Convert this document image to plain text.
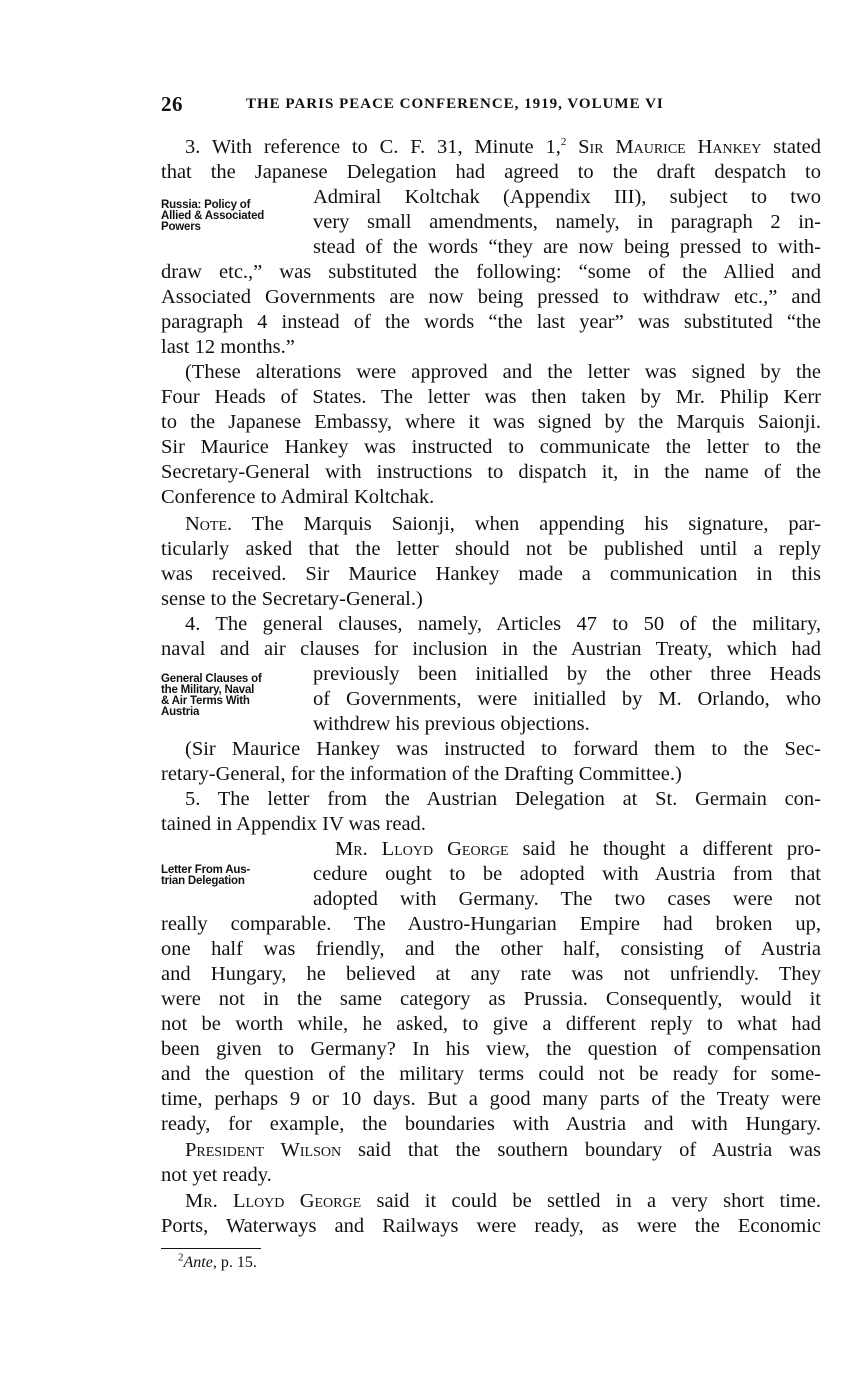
26	THE PARIS PEACE CONFERENCE, 1919, VOLUME VI
Russia: Policy of
Allied & Associated
Powers
General Clauses of
the Military, Naval
& Air Terms With
Austria
Letter From Aus-
trian Delegation
3. With reference to C. F. 31, Minute 1,$^2$ Sir Maurice Hankey stated
that the Japanese Delegation had agreed to the draft despatch to
Admiral Koltchak (Appendix III), subject to two
very small amendments, namely, in paragraph 2 in-
stead of the words “they are now being pressed to with-
draw etc.,” was substituted the following: “some of the Allied and
Associated Governments are now being pressed to withdraw etc.,” and
paragraph 4 instead of the words “the last year” was substituted “the
last 12 months.”
(These alterations were approved and the letter was signed by the
Four Heads of States. The letter was then taken by Mr. Philip Kerr
to the Japanese Embassy, where it was signed by the Marquis Saionji.
Sir Maurice Hankey was instructed to communicate the letter to the
Secretary-General with instructions to dispatch it, in the name of the
Conference to Admiral Koltchak.
Note. The Marquis Saionji, when appending his signature, par-
ticularly asked that the letter should not be published until a reply
was received. Sir Maurice Hankey made a communication in this
sense to the Secretary-General.)
4. The general clauses, namely, Articles 47 to 50 of the military,
naval and air clauses for inclusion in the Austrian Treaty, which had
previously been initialled by the other three Heads
of Governments, were initialled by M. Orlando, who
withdrew his previous objections.
(Sir Maurice Hankey was instructed to forward them to the Sec-
retary-General, for the information of the Drafting Committee.)
5. The letter from the Austrian Delegation at St. Germain con-
tained in Appendix IV was read.
Mr. Lloyd George said he thought a different pro-
cedure ought to be adopted with Austria from that
adopted with Germany. The two cases were not
really comparable. The Austro-Hungarian Empire had broken up,
one half was friendly, and the other half, consisting of Austria
and Hungary, he believed at any rate was not unfriendly. They
were not in the same category as Prussia. Consequently, would it
not be worth while, he asked, to give a different reply to what had
been given to Germany? In his view, the question of compensation
and the question of the military terms could not be ready for some-
time, perhaps 9 or 10 days. But a good many parts of the Treaty were
ready, for example, the boundaries with Austria and with Hungary.
President Wilson said that the southern boundary of Austria was
not yet ready.
Mr. Lloyd George said it could be settled in a very short time.
Ports, Waterways and Railways were ready, as were the Economic
$^2$Ante, p. 15.
